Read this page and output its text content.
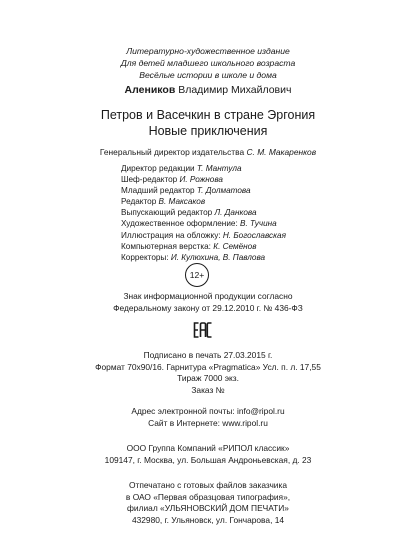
Литературно-художественное издание
Для детей младшего школьного возраста
Весёлые истории в школе и дома
Алеников Владимир Михайлович
Петров и Васечкин в стране Эргония
Новые приключения
Генеральный директор издательства С. М. Макаренков
Директор редакции Т. Мантула
Шеф-редактор И. Рожнова
Младший редактор Т. Долматова
Редактор В. Максаков
Выпускающий редактор Л. Данкова
Художественное оформление: В. Тучина
Иллюстрация на обложку: Н. Богославская
Компьютерная верстка: К. Семёнов
Корректоры: И. Кулюхина, В. Павлова
12+
Знак информационной продукции согласно
Федеральному закону от 29.12.2010 г. № 436-ФЗ
Подписано в печать 27.03.2015 г.
Формат 70х90/16. Гарнитура «Pragmatica» Усл. п. л. 17,55
Тираж 7000 экз.
Заказ №
Адрес электронной почты: info@ripol.ru
Сайт в Интернете: www.ripol.ru
ООО Группа Компаний «РИПОЛ классик»
109147, г. Москва, ул. Большая Андроньевская, д. 23
Отпечатано с готовых файлов заказчика
в ОАО «Первая образцовая типография»,
филиал «УЛЬЯНОВСКИЙ ДОМ ПЕЧАТИ»
432980, г. Ульяновск, ул. Гончарова, 14
